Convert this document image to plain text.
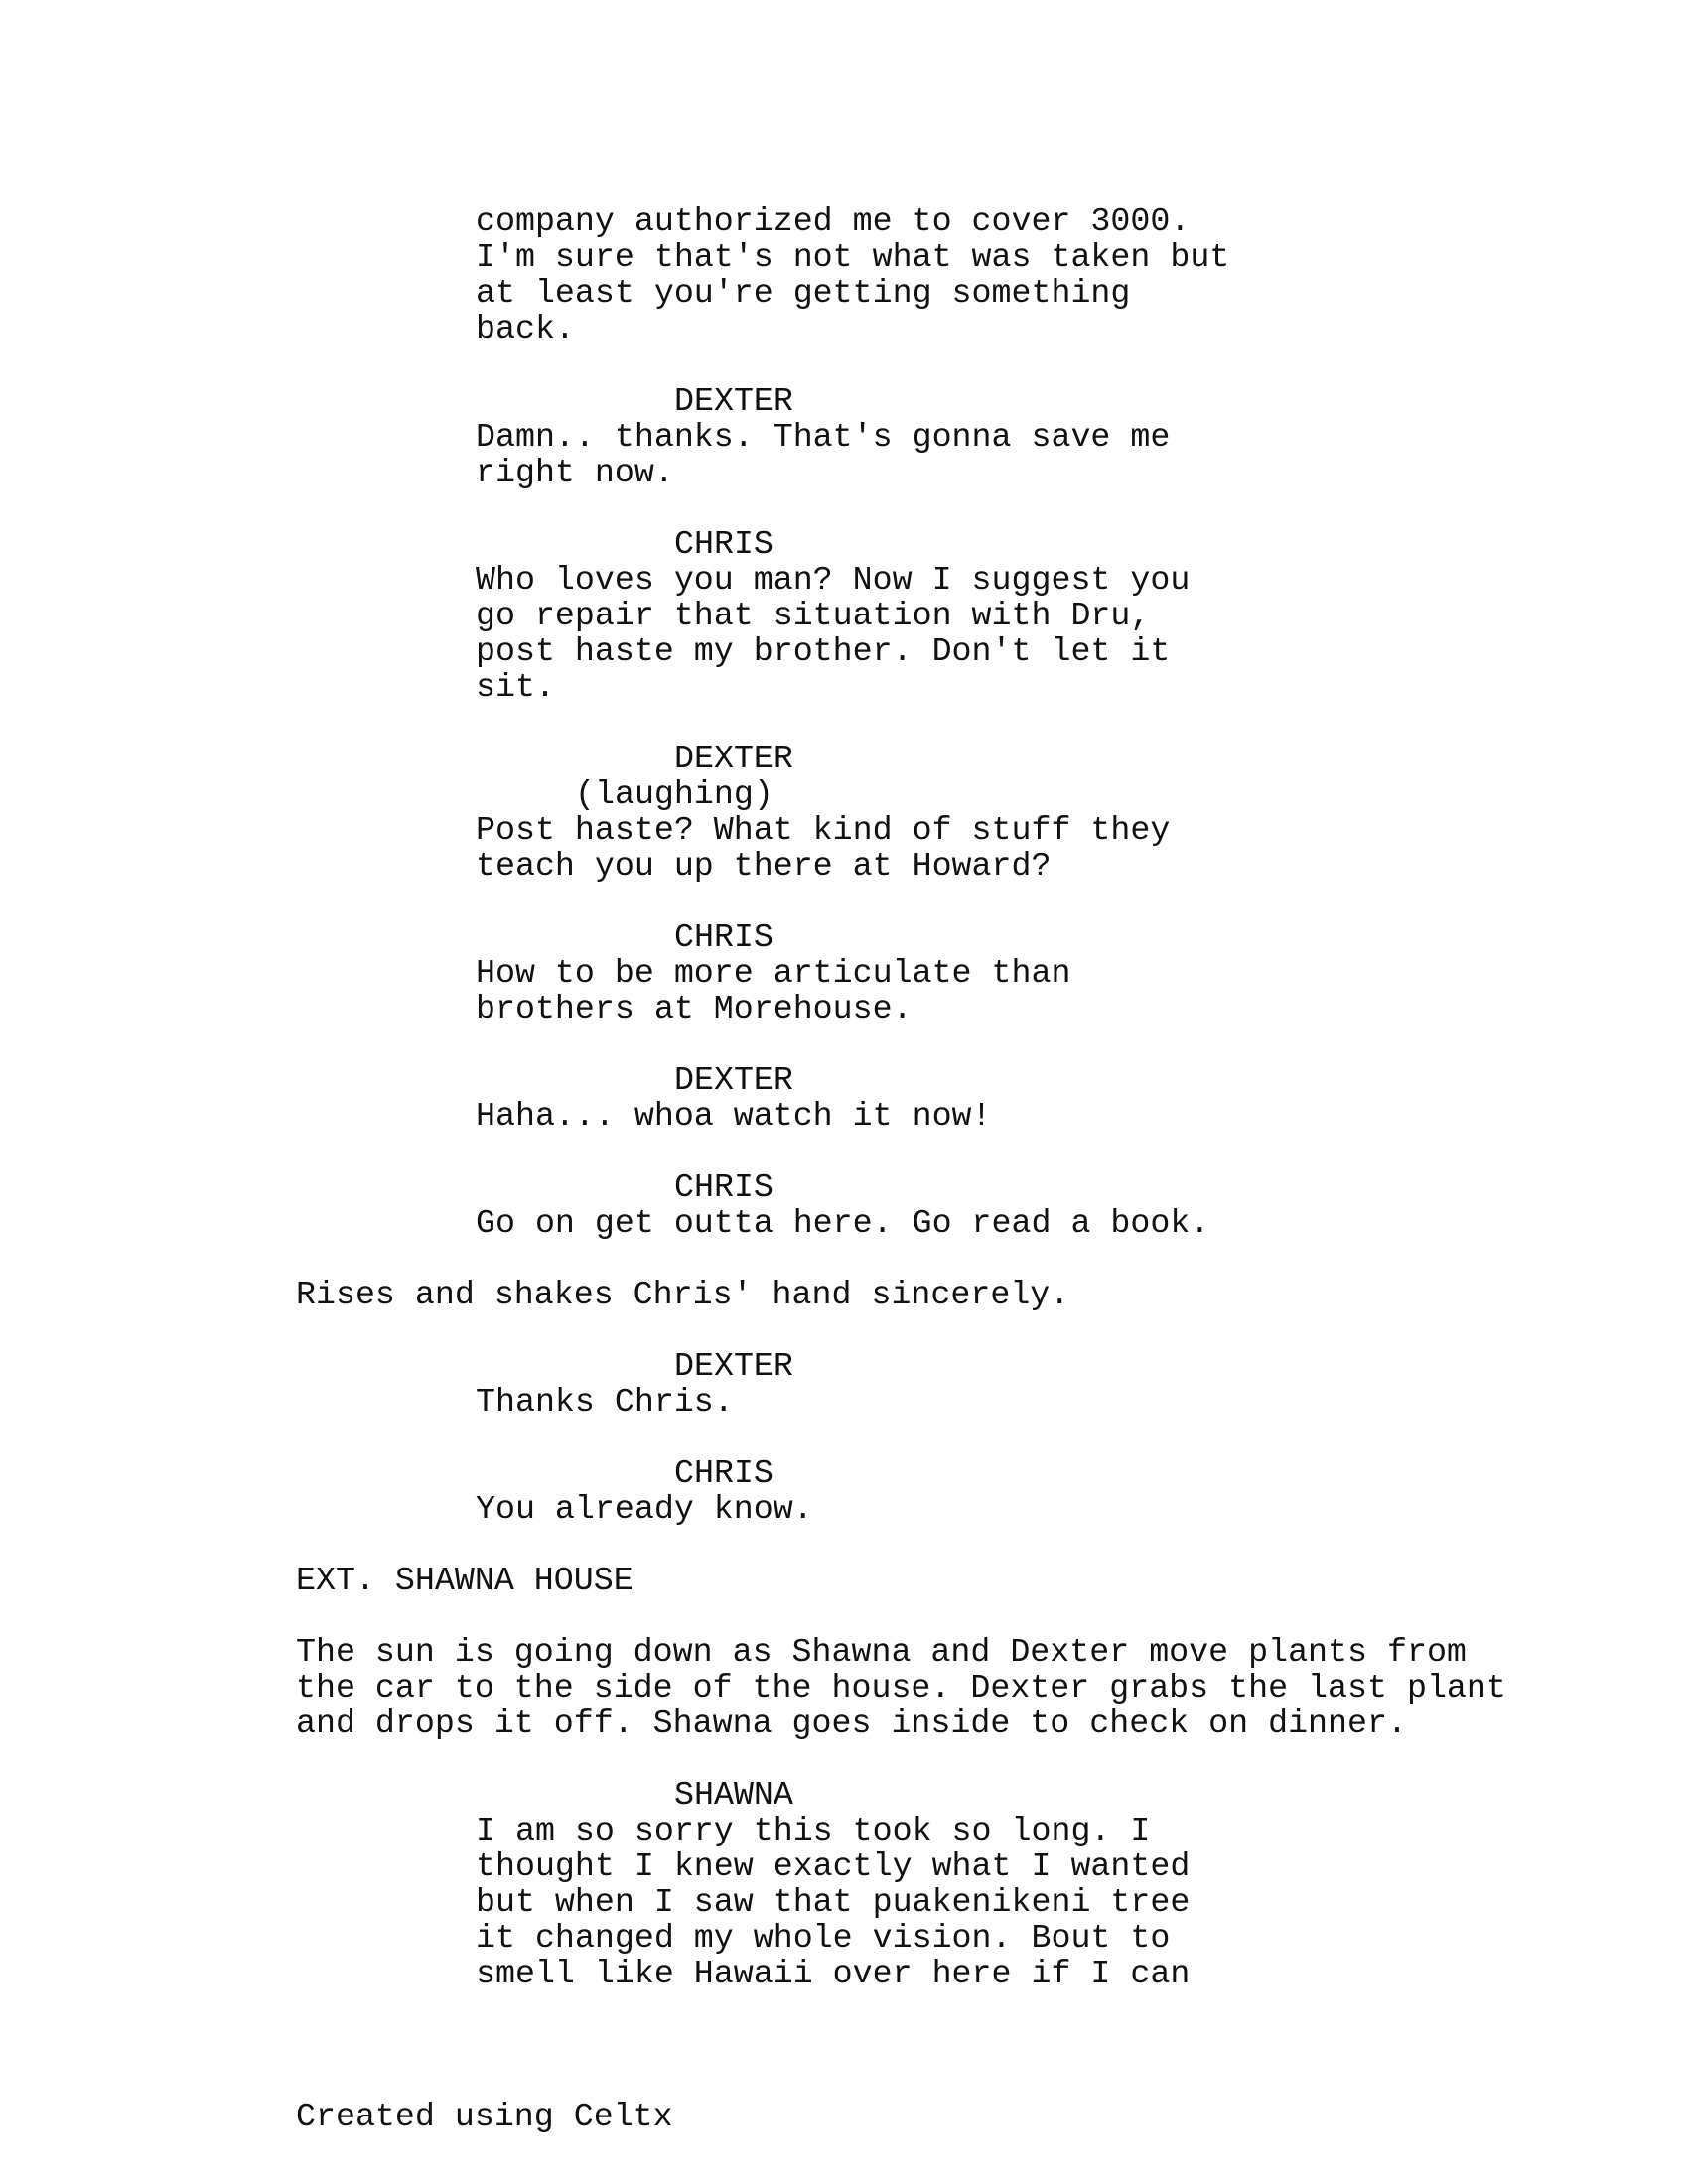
company authorized me to cover 3000.
I'm sure that's not what was taken but
at least you're getting something
back.
DEXTER
Damn.. thanks. That's gonna save me
right now.
CHRIS
Who loves you man? Now I suggest you
go repair that situation with Dru,
post haste my brother. Don't let it
sit.
DEXTER
(laughing)
Post haste? What kind of stuff they
teach you up there at Howard?
CHRIS
How to be more articulate than
brothers at Morehouse.
DEXTER
Haha... whoa watch it now!
CHRIS
Go on get outta here. Go read a book.
Rises and shakes Chris' hand sincerely.
DEXTER
Thanks Chris.
CHRIS
You already know.
EXT. SHAWNA HOUSE
The sun is going down as Shawna and Dexter move plants from
the car to the side of the house. Dexter grabs the last plant
and drops it off. Shawna goes inside to check on dinner.
SHAWNA
I am so sorry this took so long. I
thought I knew exactly what I wanted
but when I saw that puakenikeni tree
it changed my whole vision. Bout to
smell like Hawaii over here if I can
Created using Celtx
